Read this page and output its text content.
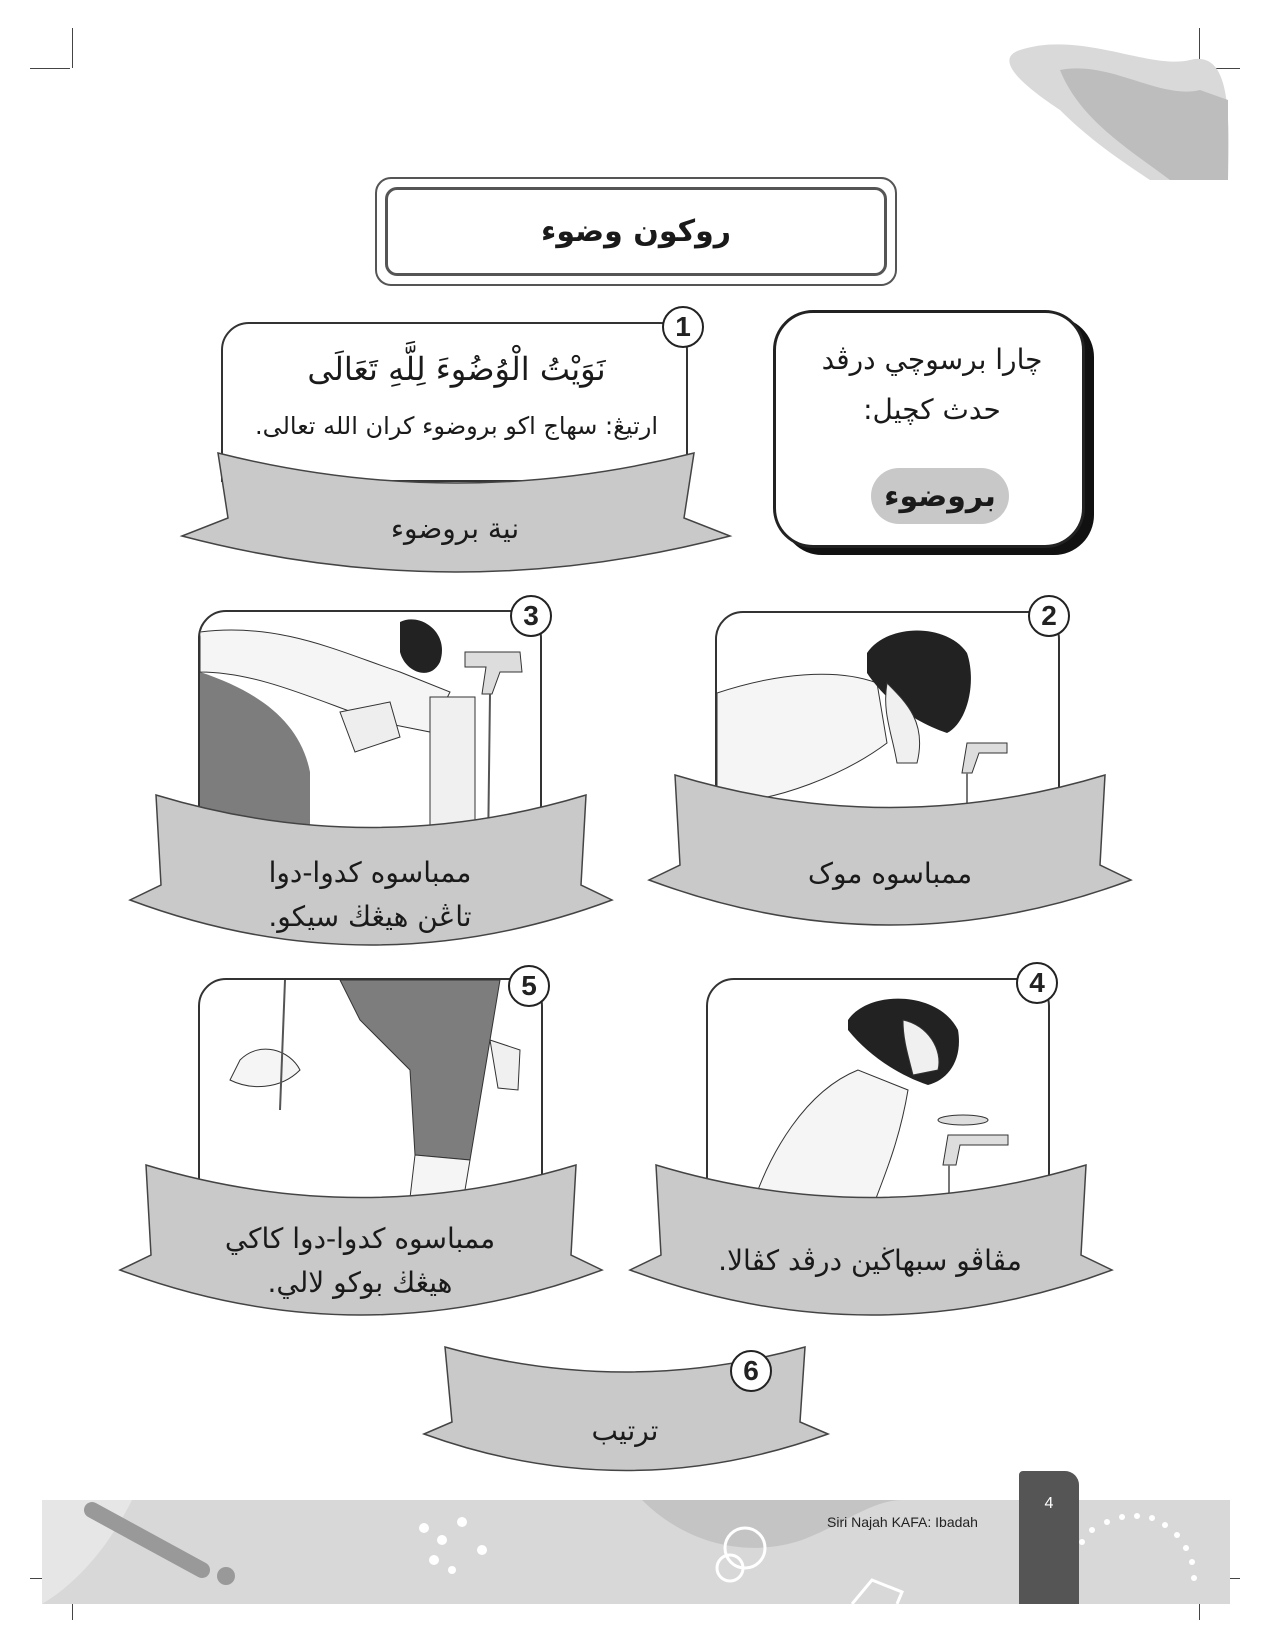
روكون وضوء
چارا برسوچي درڤد
حدث کچيل:
بروضوء
نَوَيْتُ الْوُضُوءَ لِلَّهِ تَعَالَى
ارتيڠ: سهاج اکو بروضوء کران الله تعالى.
1
نية بروضوء
3
ممباسوه کدوا-دوا
تاڠن هيڠڬ سيکو.
2
ممباسوه موک
5
ممباسوه کدوا-دوا کاکي
هيڠڬ بوکو لالي.
4
مڤاڤو سبهاڬين درڤد کڤالا.
6
ترتيب
Siri Najah KAFA: Ibadah
4
